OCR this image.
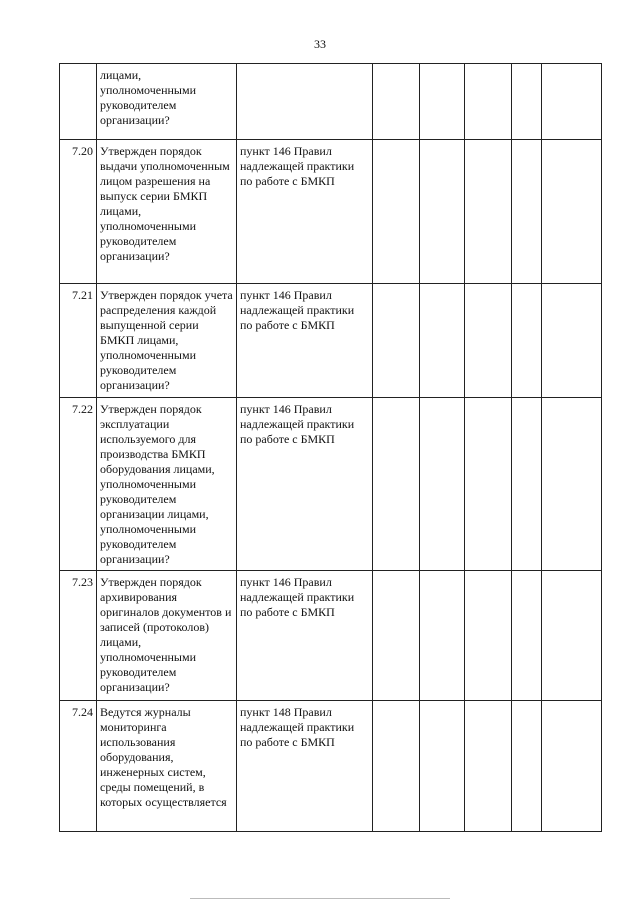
33
	лицами, уполномоченными руководителем организации?						
7.20	Утвержден порядок выдачи уполномоченным лицом разрешения на выпуск серии БМКП лицами, уполномоченными руководителем организации?	пункт 146 Правил надлежащей практики по работе с БМКП					
7.21	Утвержден порядок учета распределения каждой выпущенной серии БМКП лицами, уполномоченными руководителем организации?	пункт 146 Правил надлежащей практики по работе с БМКП					
7.22	Утвержден порядок эксплуатации используемого для производства БМКП оборудования лицами, уполномоченными руководителем организации лицами, уполномоченными руководителем организации?	пункт 146 Правил надлежащей практики по работе с БМКП					
7.23	Утвержден порядок архивирования оригиналов документов и записей (протоколов) лицами, уполномоченными руководителем организации?	пункт 146 Правил надлежащей практики по работе с БМКП					
7.24	Ведутся журналы мониторинга использования оборудования, инженерных систем, среды помещений, в которых осуществляется	пункт 148 Правил надлежащей практики по работе с БМКП					
